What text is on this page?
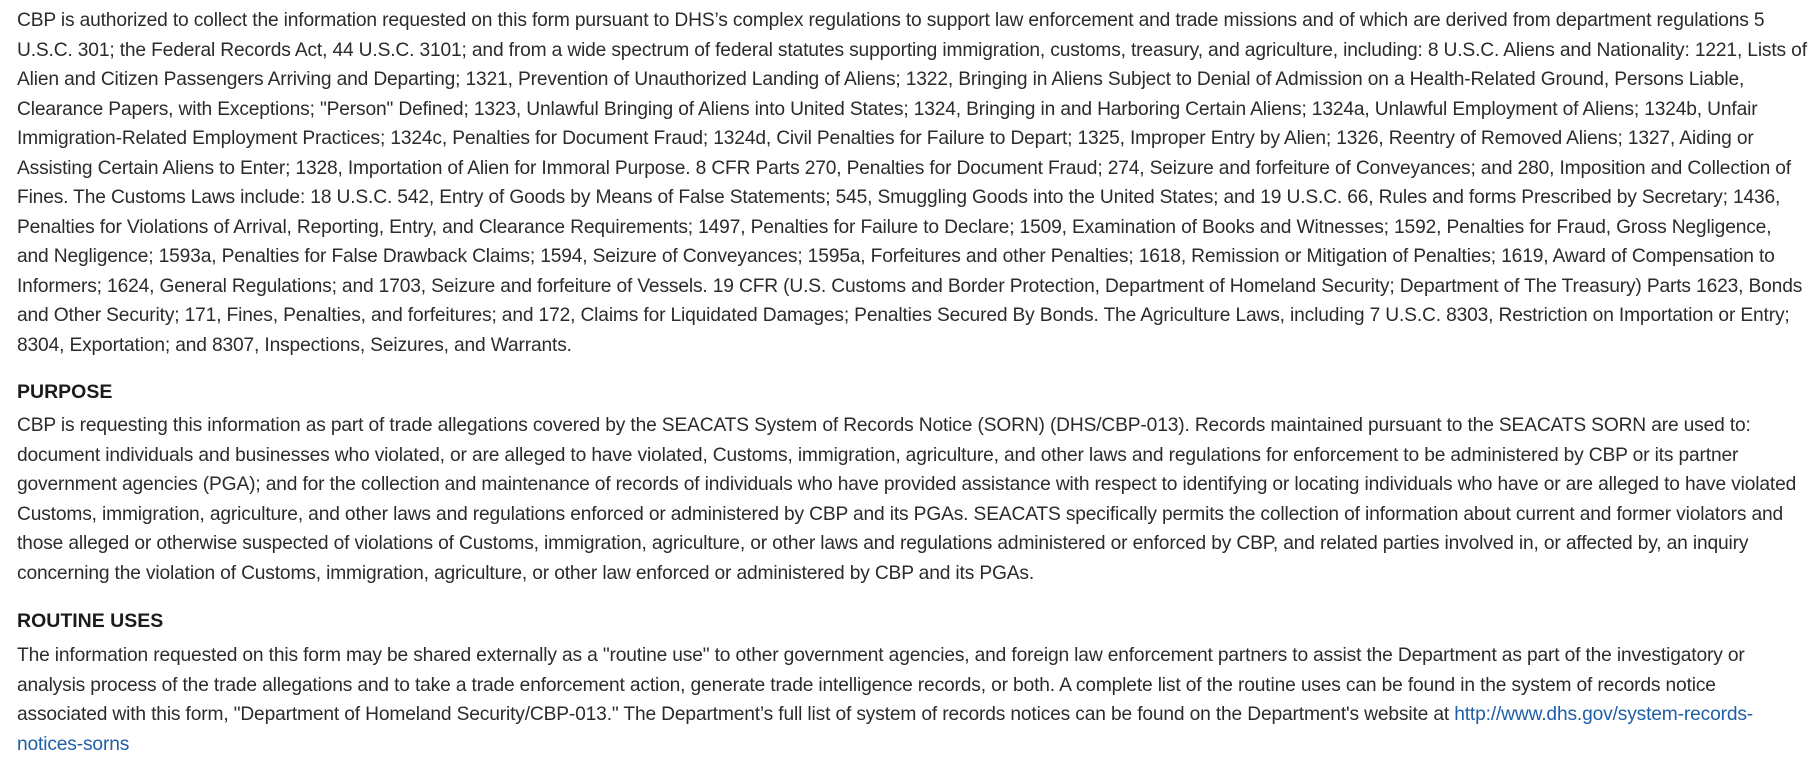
CBP is authorized to collect the information requested on this form pursuant to DHS’s complex regulations to support law enforcement and trade missions and of which are derived from department regulations 5 U.S.C. 301; the Federal Records Act, 44 U.S.C. 3101; and from a wide spectrum of federal statutes supporting immigration, customs, treasury, and agriculture, including: 8 U.S.C. Aliens and Nationality: 1221, Lists of Alien and Citizen Passengers Arriving and Departing; 1321, Prevention of Unauthorized Landing of Aliens; 1322, Bringing in Aliens Subject to Denial of Admission on a Health-Related Ground, Persons Liable, Clearance Papers, with Exceptions; "Person" Defined; 1323, Unlawful Bringing of Aliens into United States; 1324, Bringing in and Harboring Certain Aliens; 1324a, Unlawful Employment of Aliens; 1324b, Unfair Immigration-Related Employment Practices; 1324c, Penalties for Document Fraud; 1324d, Civil Penalties for Failure to Depart; 1325, Improper Entry by Alien; 1326, Reentry of Removed Aliens; 1327, Aiding or Assisting Certain Aliens to Enter; 1328, Importation of Alien for Immoral Purpose. 8 CFR Parts 270, Penalties for Document Fraud; 274, Seizure and forfeiture of Conveyances; and 280, Imposition and Collection of Fines. The Customs Laws include: 18 U.S.C. 542, Entry of Goods by Means of False Statements; 545, Smuggling Goods into the United States; and 19 U.S.C. 66, Rules and forms Prescribed by Secretary; 1436, Penalties for Violations of Arrival, Reporting, Entry, and Clearance Requirements; 1497, Penalties for Failure to Declare; 1509, Examination of Books and Witnesses; 1592, Penalties for Fraud, Gross Negligence, and Negligence; 1593a, Penalties for False Drawback Claims; 1594, Seizure of Conveyances; 1595a, Forfeitures and other Penalties; 1618, Remission or Mitigation of Penalties; 1619, Award of Compensation to Informers; 1624, General Regulations; and 1703, Seizure and forfeiture of Vessels. 19 CFR (U.S. Customs and Border Protection, Department of Homeland Security; Department of The Treasury) Parts 1623, Bonds and Other Security; 171, Fines, Penalties, and forfeitures; and 172, Claims for Liquidated Damages; Penalties Secured By Bonds. The Agriculture Laws, including 7 U.S.C. 8303, Restriction on Importation or Entry; 8304, Exportation; and 8307, Inspections, Seizures, and Warrants.

PURPOSE

CBP is requesting this information as part of trade allegations covered by the SEACATS System of Records Notice (SORN) (DHS/CBP-013). Records maintained pursuant to the SEACATS SORN are used to: document individuals and businesses who violated, or are alleged to have violated, Customs, immigration, agriculture, and other laws and regulations for enforcement to be administered by CBP or its partner government agencies (PGA); and for the collection and maintenance of records of individuals who have provided assistance with respect to identifying or locating individuals who have or are alleged to have violated Customs, immigration, agriculture, and other laws and regulations enforced or administered by CBP and its PGAs. SEACATS specifically permits the collection of information about current and former violators and those alleged or otherwise suspected of violations of Customs, immigration, agriculture, or other laws and regulations administered or enforced by CBP, and related parties involved in, or affected by, an inquiry concerning the violation of Customs, immigration, agriculture, or other law enforced or administered by CBP and its PGAs.

ROUTINE USES

The information requested on this form may be shared externally as a "routine use" to other government agencies, and foreign law enforcement partners to assist the Department as part of the investigatory or analysis process of the trade allegations and to take a trade enforcement action, generate trade intelligence records, or both. A complete list of the routine uses can be found in the system of records notice associated with this form, "Department of Homeland Security/CBP-013." The Department’s full list of system of records notices can be found on the Department's website at http://www.dhs.gov/system-records-notices-sorns
